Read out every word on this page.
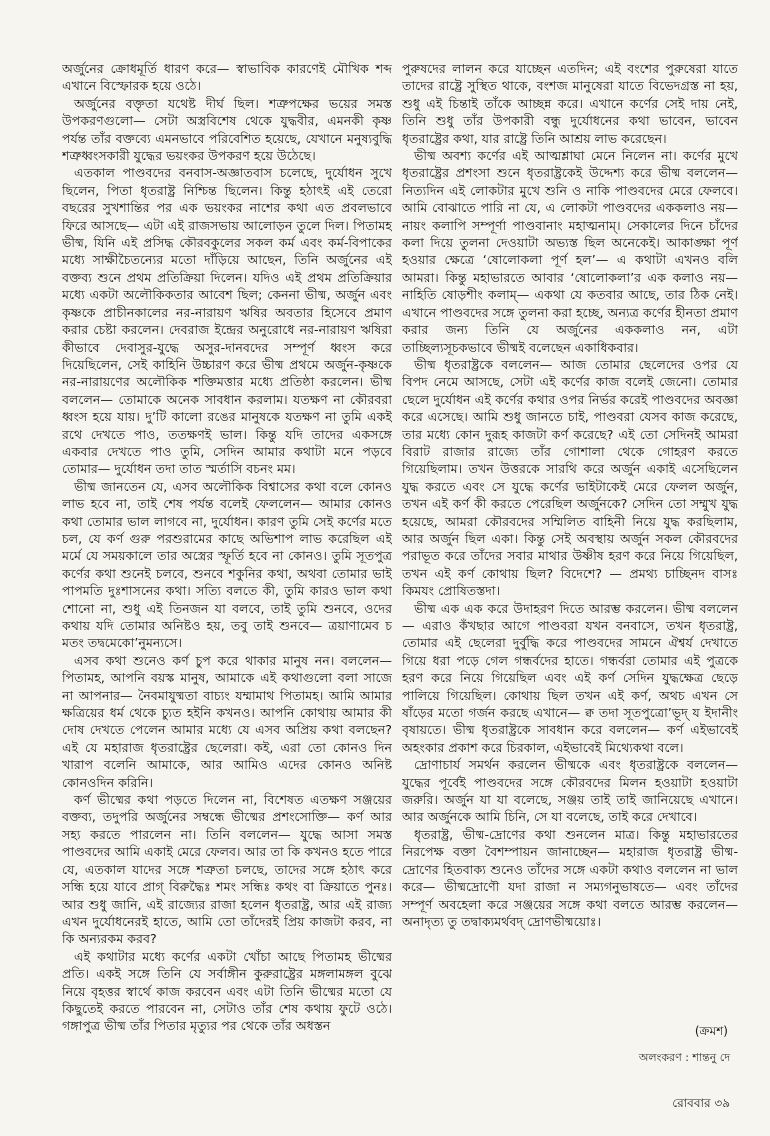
অর্জুনের ক্রোধমূর্তি ধারণ করে— স্বাভাবিক কারণেই মৌখিক শব্দ এখানে বিস্ফোরক হয়ে ওঠে।

অর্জুনের বক্তৃতা যথেষ্ট দীর্ঘ ছিল। শত্রুপক্ষের ভয়ের সমস্ত উপকরণগুলো— সেটা অস্ত্রবিশেষ থেকে যুদ্ধবীর, এমনকী কৃষ্ণ পর্যন্ত তাঁর বক্তব্যে এমনভাবে পরিবেশিত হয়েছে, যেখানে মনুষ্যবুদ্ধি শত্রুধ্বংসকারী যুদ্ধের ভয়ংকর উপকরণ হয়ে উঠেছে।

এতকাল পাণ্ডবদের বনবাস-অজ্ঞাতবাস চলেছে, দুর্যোধন সুখে ছিলেন, পিতা ধৃতরাষ্ট্র নিশ্চিন্ত ছিলেন। কিন্তু হঠাৎই এই তেরো বছরের সুখশান্তির পর এক ভয়ংকর নাশের কথা এত প্রবলভাবে ফিরে আসছে— এটা এই রাজসভায় আলোড়ন তুলে দিল। পিতামহ ভীষ্ম, যিনি এই প্রসিদ্ধ কৌরবকুলের সকল কর্ম এবং কর্ম-বিপাকের মধ্যে সাক্ষীচৈতন্যের মতো দাঁড়িয়ে আছেন, তিনি অর্জুনের এই বক্তব্য শুনে প্রথম প্রতিক্রিয়া দিলেন। যদিও এই প্রথম প্রতিক্রিয়ার মধ্যে একটা অলৌকিকতার আবেশ ছিল; কেননা ভীষ্ম, অর্জুন এবং কৃষ্ণকে প্রাচীনকালের নর-নারায়ণ ঋষির অবতার হিসেবে প্রমাণ করার চেষ্টা করলেন। দেবরাজ ইন্দ্রের অনুরোধে নর-নারায়ণ ঋষিরা কীভাবে দেবাসুর-যুদ্ধে অসুর-দানবদের সম্পূর্ণ ধ্বংস করে দিয়েছিলেন, সেই কাহিনি উচ্চারণ করে ভীষ্ম প্রথমে অর্জুন-কৃষ্ণকে নর-নারায়ণের অলৌকিক শক্তিমত্তার মধ্যে প্রতিষ্ঠা করলেন। ভীষ্ম বললেন— তোমাকে অনেক সাবধান করলাম। যতক্ষণ না কৌরবরা ধ্বংস হয়ে যায়। দু’টি কালো রঙের মানুষকে যতক্ষণ না তুমি একই রথে দেখতে পাও, ততক্ষণই ভাল। কিন্তু যদি তাদের একসঙ্গে একবার দেখতে পাও তুমি, সেদিন আমার কথাটা মনে পড়বে তোমার— দুর্যোধন তদা তাত স্মর্তাসি বচনং মম।

ভীষ্ম জানতেন যে, এসব অলৌকিক বিশ্বাসের কথা বলে কোনও লাভ হবে না, তাই শেষ পর্যন্ত বলেই ফেললেন— আমার কোনও কথা তোমার ভাল লাগবে না, দুর্যোধন। কারণ তুমি সেই কর্ণের মতে চল, যে কর্ণ গুরু পরশুরামের কাছে অভিশাপ লাভ করেছিল এই মর্মে যে সময়কালে তার অস্ত্রের স্ফূর্তি হবে না কোনও। তুমি সূতপুত্র কর্ণের কথা শুনেই চলবে, শুনবে শকুনির কথা, অথবা তোমার ভাই পাপমতি দুঃশাসনের কথা। সত্যি বলতে কী, তুমি কারও ভাল কথা শোনো না, শুধু এই তিনজন যা বলবে, তাই তুমি শুনবে, ওদের কথায় যদি তোমার অনিষ্টও হয়, তবু তাই শুনবে— ত্রয়াণামেব চ মতং তদ্বমেকো’নুমন্যসে।

এসব কথা শুনেও কর্ণ চুপ করে থাকার মানুষ নন। বললেন— পিতামহ, আপনি বয়স্ক মানুষ, আমাকে এই কথাগুলো বলা সাজে না আপনার— নৈবমাযুষ্মতা বাচ্যং যম্মামাথ পিতামহ। আমি আমার ক্ষত্রিয়ের ধর্ম থেকে চ্যুত হইনি কখনও। আপনি কোথায় আমার কী দোষ দেখতে পেলেন আমার মধ্যে যে এসব অপ্রিয় কথা বলছেন? এই যে মহারাজ ধৃতরাষ্ট্রের ছেলেরা। কই, এরা তো কোনও দিন খারাপ বলেনি আমাকে, আর আমিও এদের কোনও অনিষ্ট কোনওদিন করিনি।

কর্ণ ভীষ্মের কথা পড়তে দিলেন না, বিশেষত এতক্ষণ সঞ্জয়ের বক্তব্য, তদুপরি অর্জুনের সম্বন্ধে ভীষ্মের প্রশংসোক্তি— কর্ণ আর সহ্য করতে পারলেন না। তিনি বললেন— যুদ্ধে আসা সমস্ত পাণ্ডবদের আমি একাই মেরে ফেলব। আর তা কি কখনও হতে পারে যে, এতকাল যাদের সঙ্গে শত্রুতা চলছে, তাদের সঙ্গে হঠাৎ করে সন্ধি হয়ে যাবে প্রাগ্‌ বিরুদ্ধৈঃ শমং সন্ধিঃ কথং বা ক্রিয়াতে পুনঃ। আর শুধু জানি, এই রাজ্যের রাজা হলেন ধৃতরাষ্ট্র, আর এই রাজ্য এখন দুর্যোধনেরই হাতে, আমি তো তাঁদেরই প্রিয় কাজটা করব, না কি অন্যরকম করব?

এই কথাটার মধ্যে কর্ণের একটা খোঁচা আছে পিতামহ ভীষ্মের প্রতি। একই সঙ্গে তিনি যে সর্বাঙ্গীন কুরুরাষ্ট্রের মঙ্গলামঙ্গল বুঝে নিয়ে বৃহত্তর স্বার্থে কাজ করবেন এবং এটা তিনি ভীষ্মের মতো যে কিছুতেই করতে পারবেন না, সেটাও তাঁর শেষ কথায় ফুটে ওঠে। গঙ্গাপুত্র ভীষ্ম তাঁর পিতার মৃত্যুর পর থেকে তাঁর অধস্তন

পুরুষদের লালন করে যাচ্ছেন এতদিন; এই বংশের পুরুষেরা যাতে তাদের রাষ্ট্রে সুস্থিত থাকে, বংশজ মানুষেরা যাতে বিভেদগ্রস্ত না হয়, শুধু এই চিন্তাই তাঁকে আচ্ছন্ন করে। এখানে কর্ণের সেই দায় নেই, তিনি শুধু তাঁর উপকারী বন্ধু দুর্যোধনের কথা ভাবেন, ভাবেন ধৃতরাষ্ট্রের কথা, যার রাষ্ট্রে তিনি আশ্রয় লাভ করেছেন।

ভীষ্ম অবশ্য কর্ণের এই আত্মশ্লাঘা মেনে নিলেন না। কর্ণের মুখে ধৃতরাষ্ট্রের প্রশংসা শুনে ধৃতরাষ্ট্রকেই উদ্দেশ্য করে ভীষ্ম বললেন— নিত্যদিন এই লোকটার মুখে শুনি ও নাকি পাণ্ডবদের মেরে ফেলবে। আমি বোঝাতে পারি না যে, এ লোকটা পাণ্ডবদের এককলাও নয়— নায়ং কলাপি সম্পূর্ণা পাণ্ডবানাং মহাত্মনাম্‌। সেকালের দিনে চাঁদের কলা দিয়ে তুলনা দেওয়াটা অভ্যস্ত ছিল অনেকেই। আকাঙ্ক্ষা পূর্ণ হওয়ার ক্ষেত্রে ‘ষোলোকলা পূর্ণ হল’— এ কথাটা এখনও বলি আমরা। কিন্তু মহাভারতে আবার ‘ষোলোকলা’র এক কলাও নয়— নাহিতি ষোড়শীং কলাম্‌— একথা যে কতবার আছে, তার ঠিক নেই। এখানে পাণ্ডবদের সঙ্গে তুলনা করা হচ্ছে, অন্যত্র কর্ণের হীনতা প্রমাণ করার জন্য তিনি যে অর্জুনের এককলাও নন, এটা তাচ্ছিল্যসূচকভাবে ভীষ্মই বলেছেন একাধিকবার।

ভীষ্ম ধৃতরাষ্ট্রকে বললেন— আজ তোমার ছেলেদের ওপর যে বিপদ নেমে আসছে, সেটা এই কর্ণের কাজ বলেই জেনো। তোমার ছেলে দুর্যোধন এই কর্ণের কথার ওপর নির্ভর করেই পাণ্ডবদের অবজ্ঞা করে এসেছে। আমি শুধু জানতে চাই, পাণ্ডবরা যেসব কাজ করেছে, তার মধ্যে কোন দুরূহ কাজটা কর্ণ করেছে? এই তো সেদিনই আমরা বিরাট রাজার রাজ্যে তাঁর গোশালা থেকে গোহরণ করতে গিয়েছিলাম। তখন উত্তরকে সারথি করে অর্জুন একাই এসেছিলেন যুদ্ধ করতে এবং সে যুদ্ধে কর্ণের ভাইটাকেই মেরে ফেলল অর্জুন, তখন এই কর্ণ কী করতে পেরেছিল অর্জুনকে? সেদিন তো সম্মুখ যুদ্ধ হয়েছে, আমরা কৌরবদের সম্মিলিত বাহিনী নিয়ে যুদ্ধ করছিলাম, আর অর্জুন ছিল একা। কিন্তু সেই অবস্থায় অর্জুন সকল কৌরবদের পরাভূত করে তাঁদের সবার মাথার উষ্ণীষ হরণ করে নিয়ে গিয়েছিল, তখন এই কর্ণ কোথায় ছিল? বিদেশে? — প্রমথ্য চাচ্ছিনদ বাসঃ কিমযং প্রোষিতস্তদা।

ভীষ্ম এক এক করে উদাহরণ দিতে আরম্ভ করলেন। ভীষ্ম বললেন— এরাও কঁখছার আগে পাণ্ডবরা যখন বনবাসে, তখন ধৃতরাষ্ট্র, তোমার এই ছেলেরা দুর্বুদ্ধি করে পাণ্ডবদের সামনে ঐশ্বর্য দেখাতে গিয়ে ধরা পড়ে গেল গন্ধর্বদের হাতে। গন্ধর্বরা তোমার এই পুত্রকে হরণ করে নিয়ে গিয়েছিল এবং এই কর্ণ সেদিন যুদ্ধক্ষেত্র ছেড়ে পালিয়ে গিয়েছিল। কোথায় ছিল তখন এই কর্ণ, অথচ এখন সে ষাঁড়ের মতো গর্জন করছে এখানে— ক্ব তদা সূতপুত্রো’ভূদ্ য ইদানীং বৃষায়তে। ভীষ্ম ধৃতরাষ্ট্রকে সাবধান করে বললেন— কর্ণ এইভাবেই অহংকার প্রকাশ করে চিরকাল, এইভাবেই মিথ্যেকথা বলে।

দ্রোণাচার্য সমর্থন করলেন ভীষ্মকে এবং ধৃতরাষ্ট্রকে বললেন— যুদ্ধের পূর্বেই পাণ্ডবদের সঙ্গে কৌরবদের মিলন হওয়াটা হওয়াটা জরুরি। অর্জুন যা যা বলেছে, সঞ্জয় তাই তাই জানিয়েছে এখানে। আর অর্জুনকে আমি চিনি, সে যা বলেছে, তাই করে দেখাবে।

ধৃতরাষ্ট্র, ভীষ্ম-দ্রোণের কথা শুনলেন মাত্র। কিন্তু মহাভারতের নিরপেক্ষ বক্তা বৈশম্পায়ন জানাচ্ছেন— মহারাজ ধৃতরাষ্ট্র ভীষ্ম-দ্রোণের হিতবাক্য শুনেও তাঁদের সঙ্গে একটা কথাও বললেন না ভাল করে— ভীষ্মদ্রোণৌ যদা রাজা ন সম্যগনুভাষতে— এবং তাঁদের সম্পূর্ণ অবহেলা করে সঞ্জয়ের সঙ্গে কথা বলতে আরম্ভ করলেন— অনাদৃত্য তু তদ্বাক্যমর্থবদ্‌ দ্রোণভীষ্ময়োঃ।

(ক্রমশ)
অলংকরণ : শান্তনু দে
রোববার ৩৯
